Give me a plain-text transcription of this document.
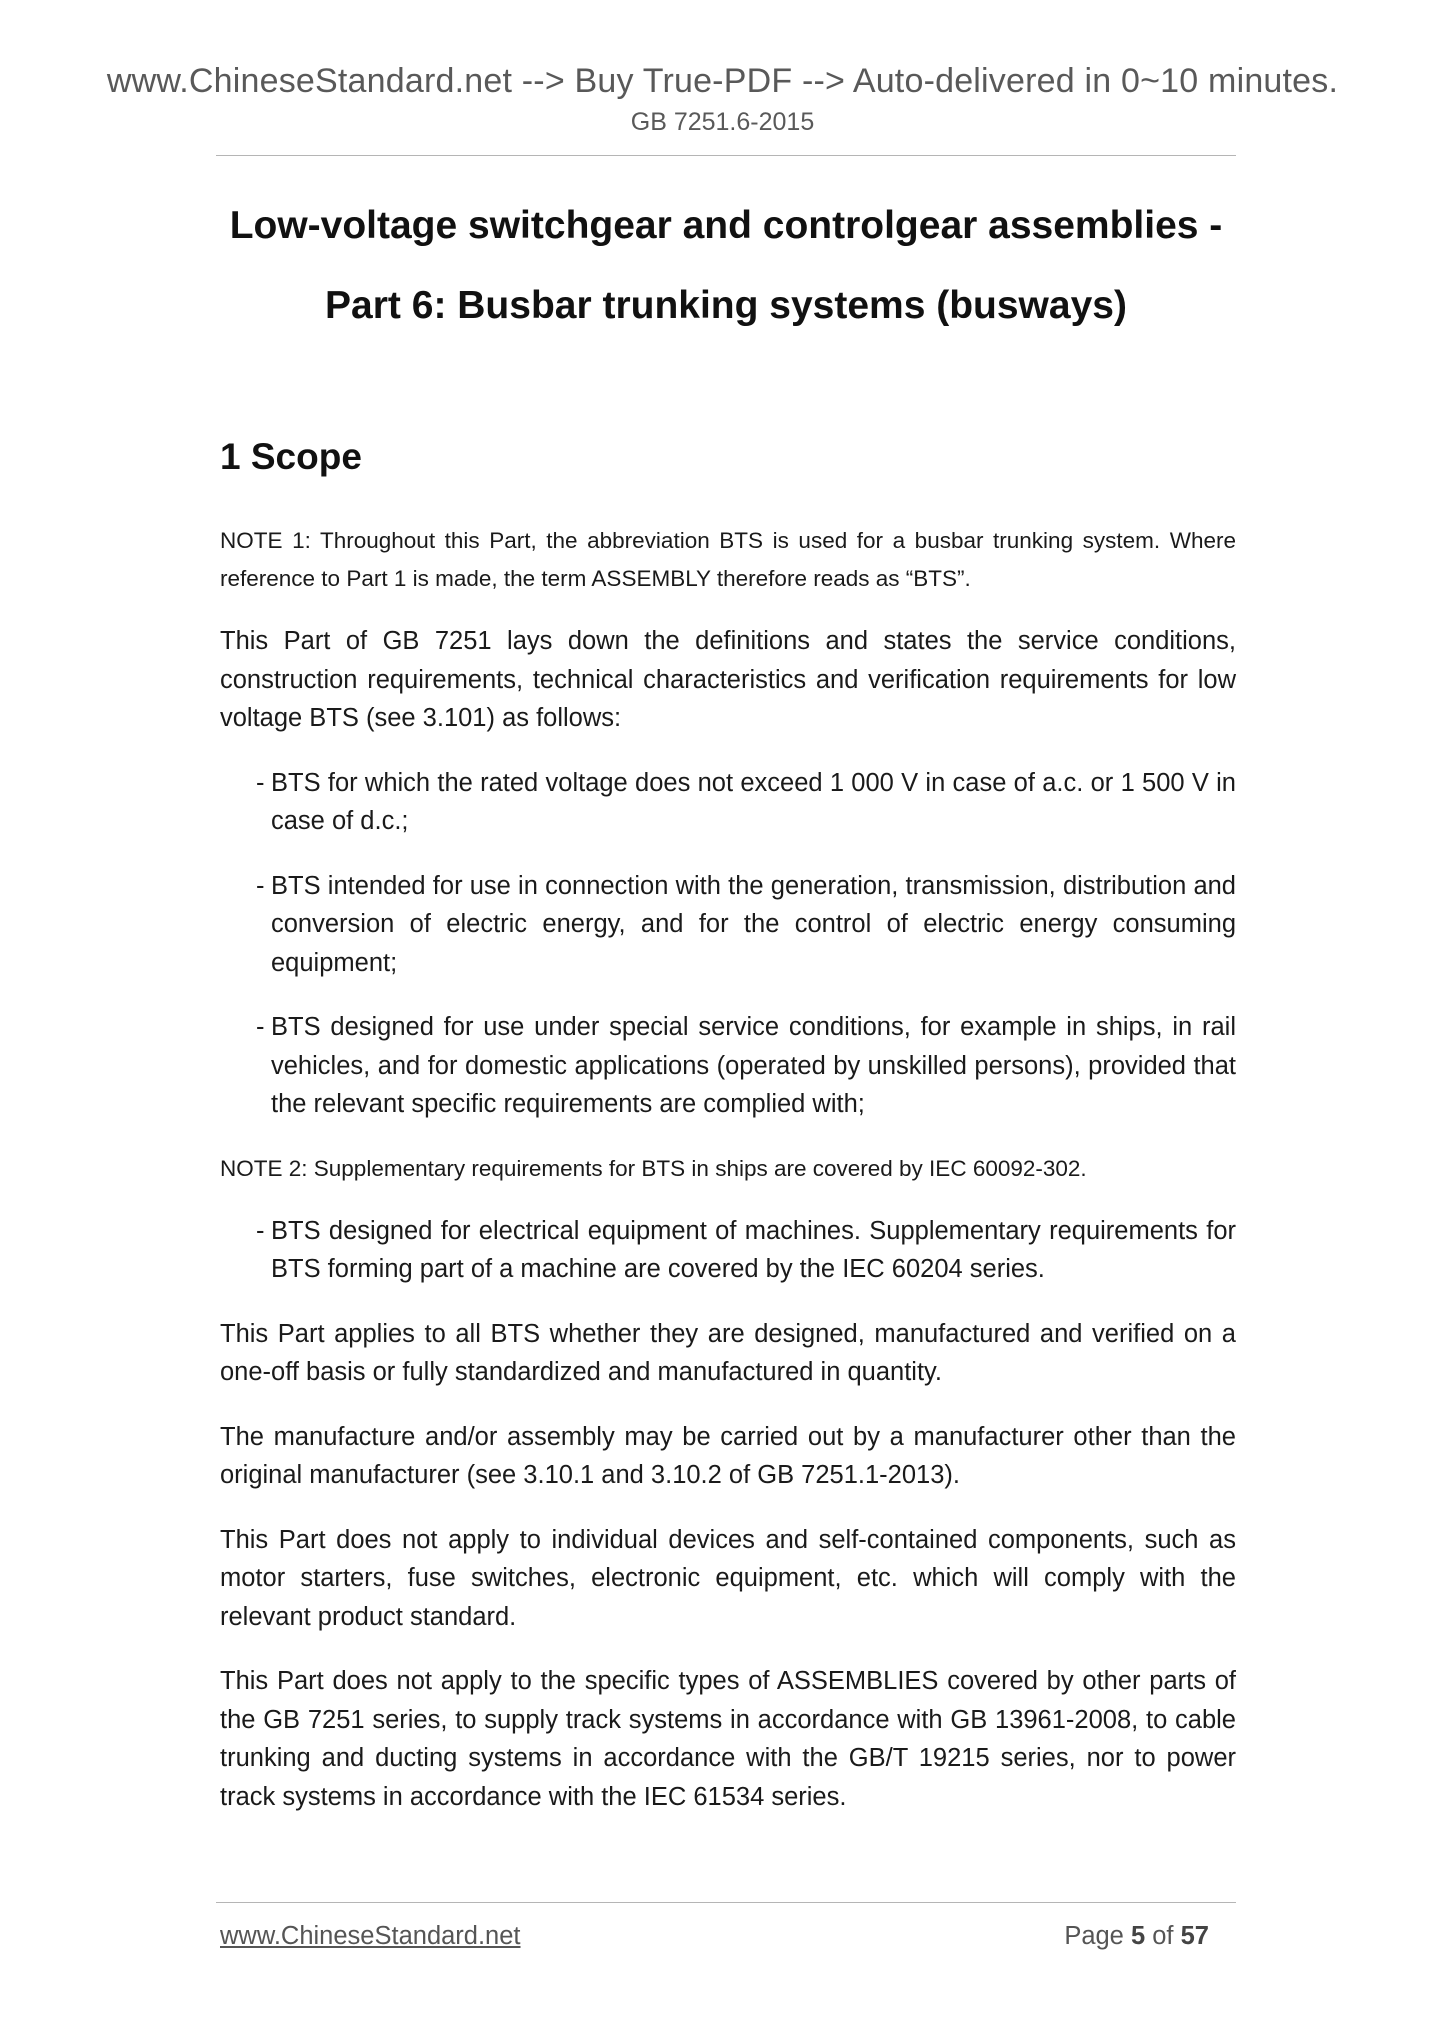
www.ChineseStandard.net --> Buy True-PDF --> Auto-delivered in 0~10 minutes.
GB 7251.6-2015
Low-voltage switchgear and controlgear assemblies -
Part 6: Busbar trunking systems (busways)
1 Scope

NOTE 1: Throughout this Part, the abbreviation BTS is used for a busbar trunking system. Where reference to Part 1 is made, the term ASSEMBLY therefore reads as “BTS”.

This Part of GB 7251 lays down the definitions and states the service conditions, construction requirements, technical characteristics and verification requirements for low voltage BTS (see 3.101) as follows:

- BTS for which the rated voltage does not exceed 1 000 V in case of a.c. or 1 500 V in case of d.c.;
- BTS intended for use in connection with the generation, transmission, distribution and conversion of electric energy, and for the control of electric energy consuming equipment;
- BTS designed for use under special service conditions, for example in ships, in rail vehicles, and for domestic applications (operated by unskilled persons), provided that the relevant specific requirements are complied with;

NOTE 2: Supplementary requirements for BTS in ships are covered by IEC 60092-302.

- BTS designed for electrical equipment of machines. Supplementary requirements for BTS forming part of a machine are covered by the IEC 60204 series.

This Part applies to all BTS whether they are designed, manufactured and verified on a one-off basis or fully standardized and manufactured in quantity.

The manufacture and/or assembly may be carried out by a manufacturer other than the original manufacturer (see 3.10.1 and 3.10.2 of GB 7251.1-2013).

This Part does not apply to individual devices and self-contained components, such as motor starters, fuse switches, electronic equipment, etc. which will comply with the relevant product standard.

This Part does not apply to the specific types of ASSEMBLIES covered by other parts of the GB 7251 series, to supply track systems in accordance with GB 13961-2008, to cable trunking and ducting systems in accordance with the GB/T 19215 series, nor to power track systems in accordance with the IEC 61534 series.

www.ChineseStandard.net	Page 5 of 57
